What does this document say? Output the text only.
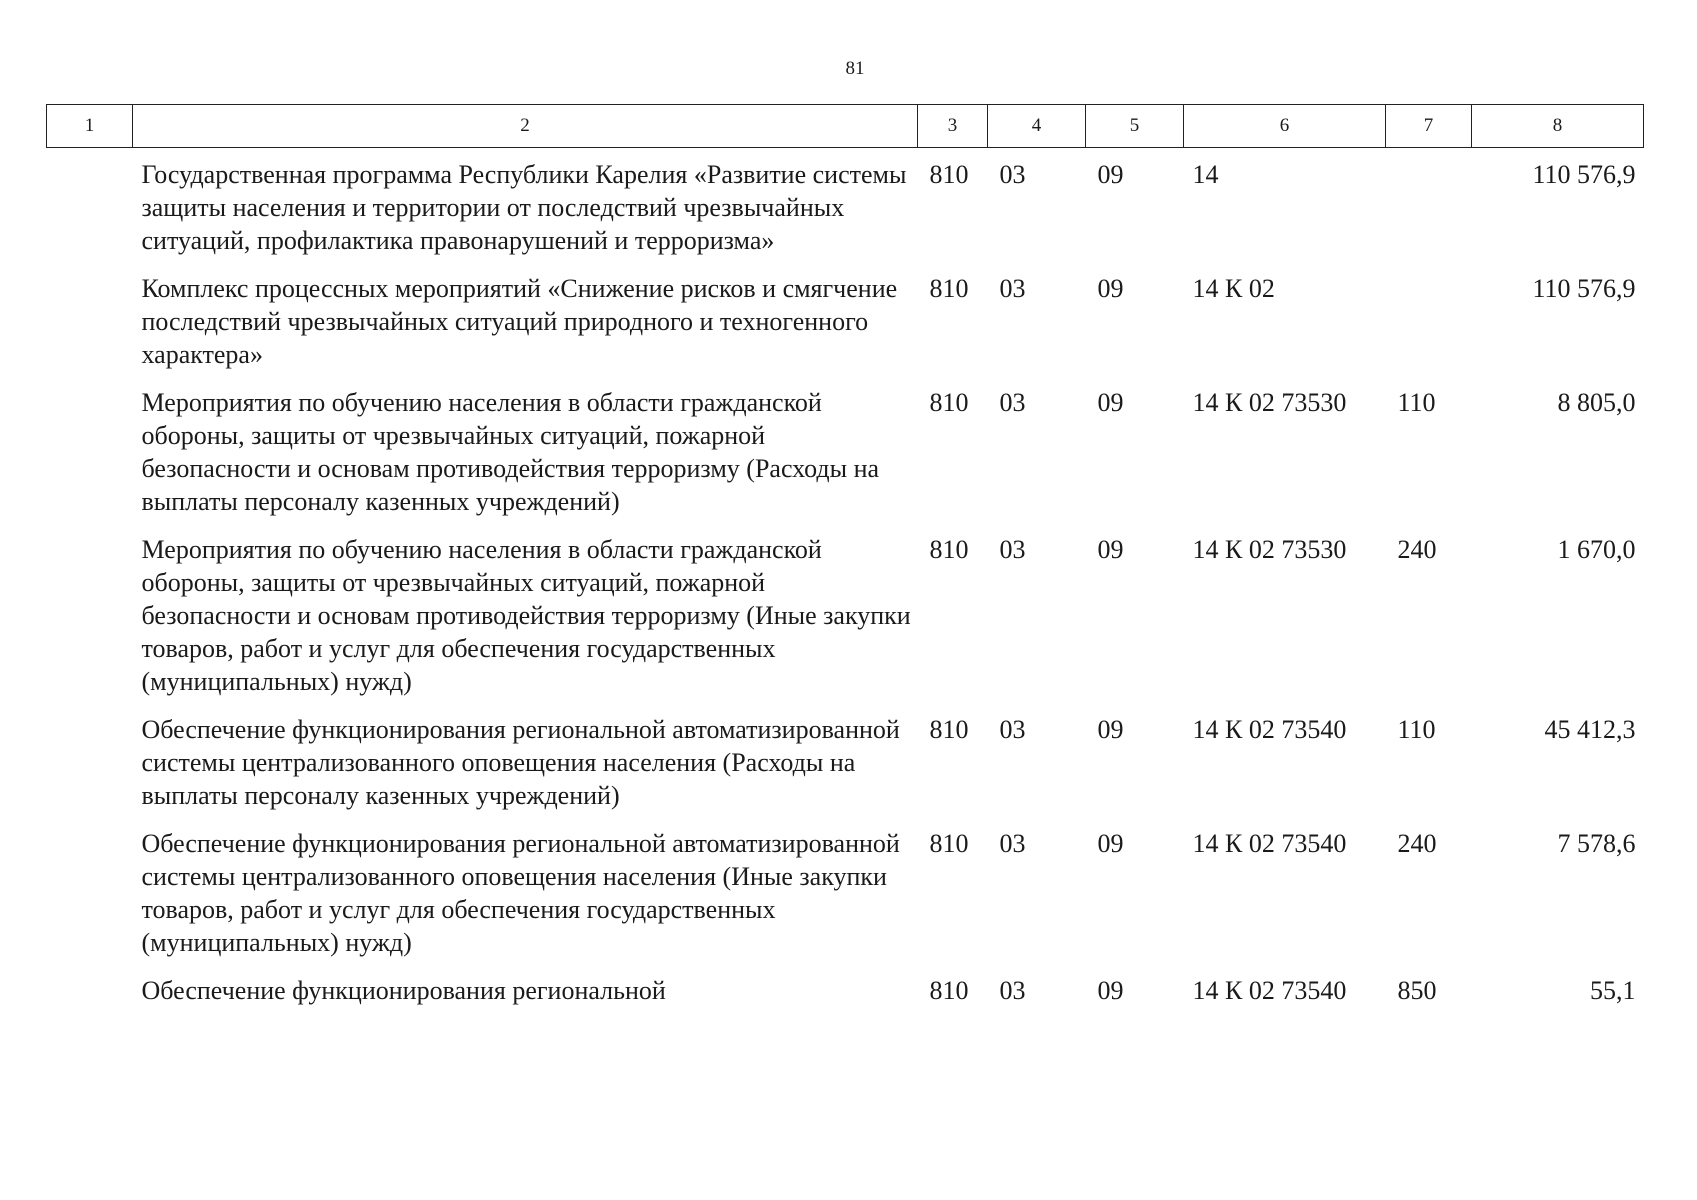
81
1	2	3	4	5	6	7	8
	Государственная программа Республики Карелия «Развитие системы защиты населения и территории от последствий чрезвычайных ситуаций, профилактика правонарушений и терроризма»	810	03	09	14		110 576,9
	Комплекс процессных мероприятий «Снижение рисков и смягчение последствий чрезвычайных ситуаций природного и техногенного характера»	810	03	09	14 К 02		110 576,9
	Мероприятия по обучению населения в области гражданской обороны, защиты от чрезвычайных ситуаций, пожарной безопасности и основам противодействия терроризму (Расходы на выплаты персоналу казенных учреждений)	810	03	09	14 К 02 73530	110	8 805,0
	Мероприятия по обучению населения в области гражданской обороны, защиты от чрезвычайных ситуаций, пожарной безопасности и основам противодействия терроризму (Иные закупки товаров, работ и услуг для обеспечения государственных (муниципальных) нужд)	810	03	09	14 К 02 73530	240	1 670,0
	Обеспечение функционирования региональной автоматизированной системы централизованного оповещения населения (Расходы на выплаты персоналу казенных учреждений)	810	03	09	14 К 02 73540	110	45 412,3
	Обеспечение функционирования региональной автоматизированной системы централизованного оповещения населения (Иные закупки товаров, работ и услуг для обеспечения государственных (муниципальных) нужд)	810	03	09	14 К 02 73540	240	7 578,6
	Обеспечение функционирования региональной	810	03	09	14 К 02 73540	850	55,1
